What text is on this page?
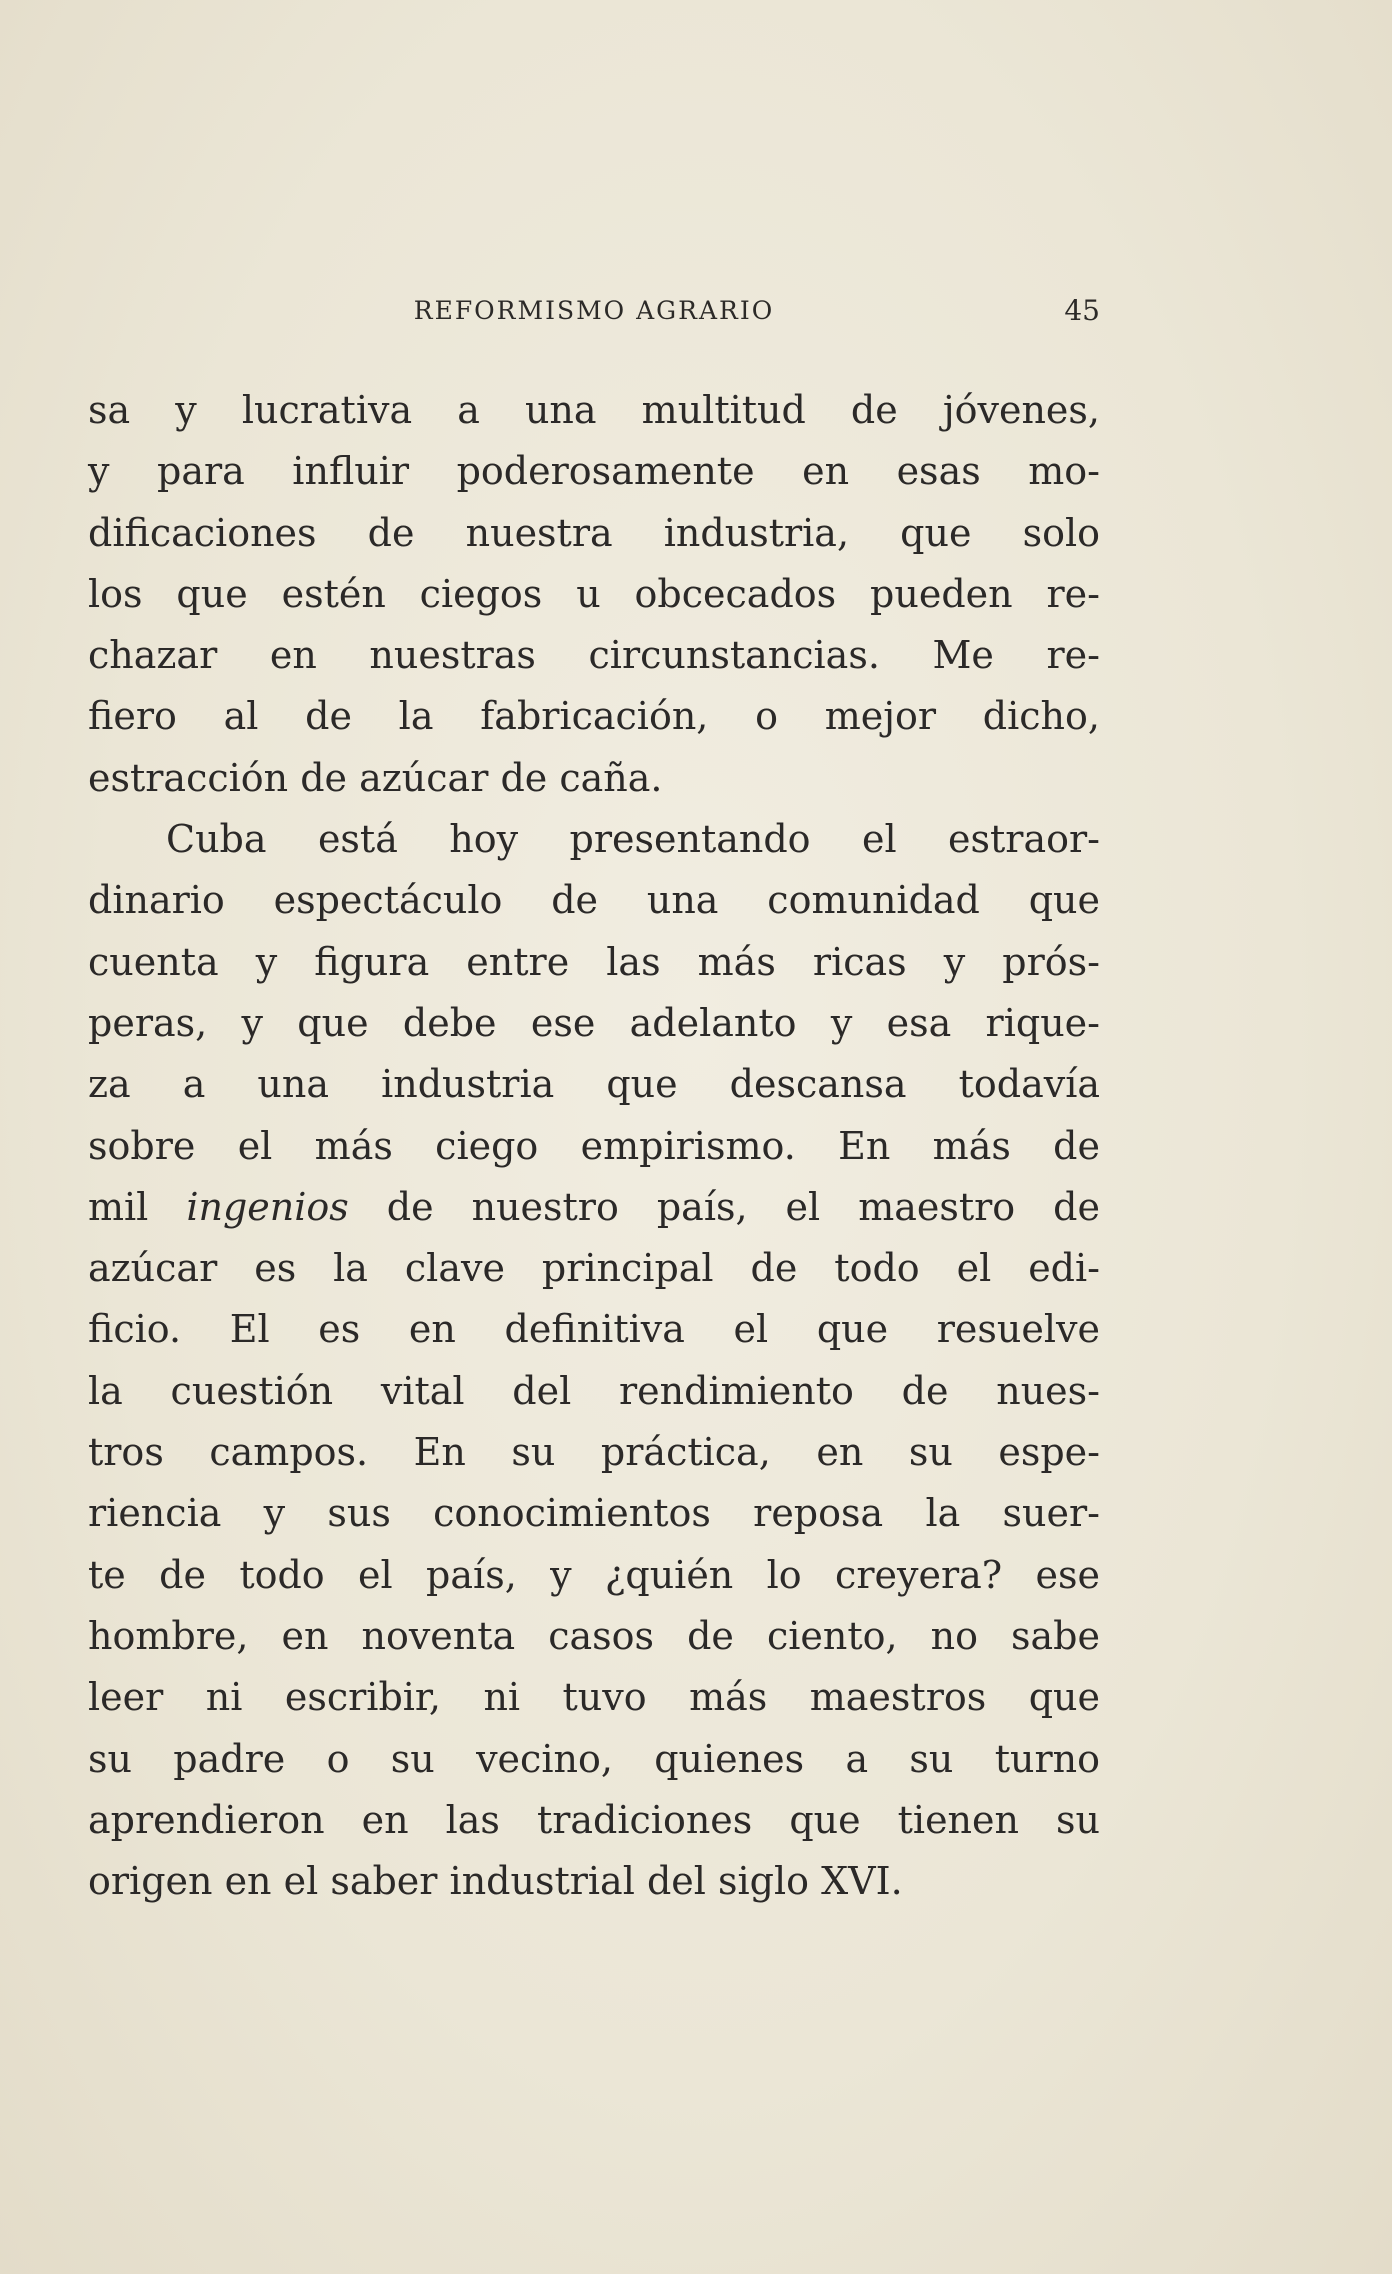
REFORMISMO AGRARIO	45
sa y lucrativa a una multitud de jóvenes,
y para influir poderosamente en esas mo-
dificaciones de nuestra industria, que solo
los que estén ciegos u obcecados pueden re-
chazar en nuestras circunstancias. Me re-
fiero al de la fabricación, o mejor dicho,
estracción de azúcar de caña.
Cuba está hoy presentando el estraor-
dinario espectáculo de una comunidad que
cuenta y figura entre las más ricas y prós-
peras, y que debe ese adelanto y esa rique-
za a una industria que descansa todavía
sobre el más ciego empirismo. En más de
mil ingenios de nuestro país, el maestro de
azúcar es la clave principal de todo el edi-
ficio. El es en definitiva el que resuelve
la cuestión vital del rendimiento de nues-
tros campos. En su práctica, en su espe-
riencia y sus conocimientos reposa la suer-
te de todo el país, y ¿quién lo creyera? ese
hombre, en noventa casos de ciento, no sabe
leer ni escribir, ni tuvo más maestros que
su padre o su vecino, quienes a su turno
aprendieron en las tradiciones que tienen su
origen en el saber industrial del siglo XVI.
